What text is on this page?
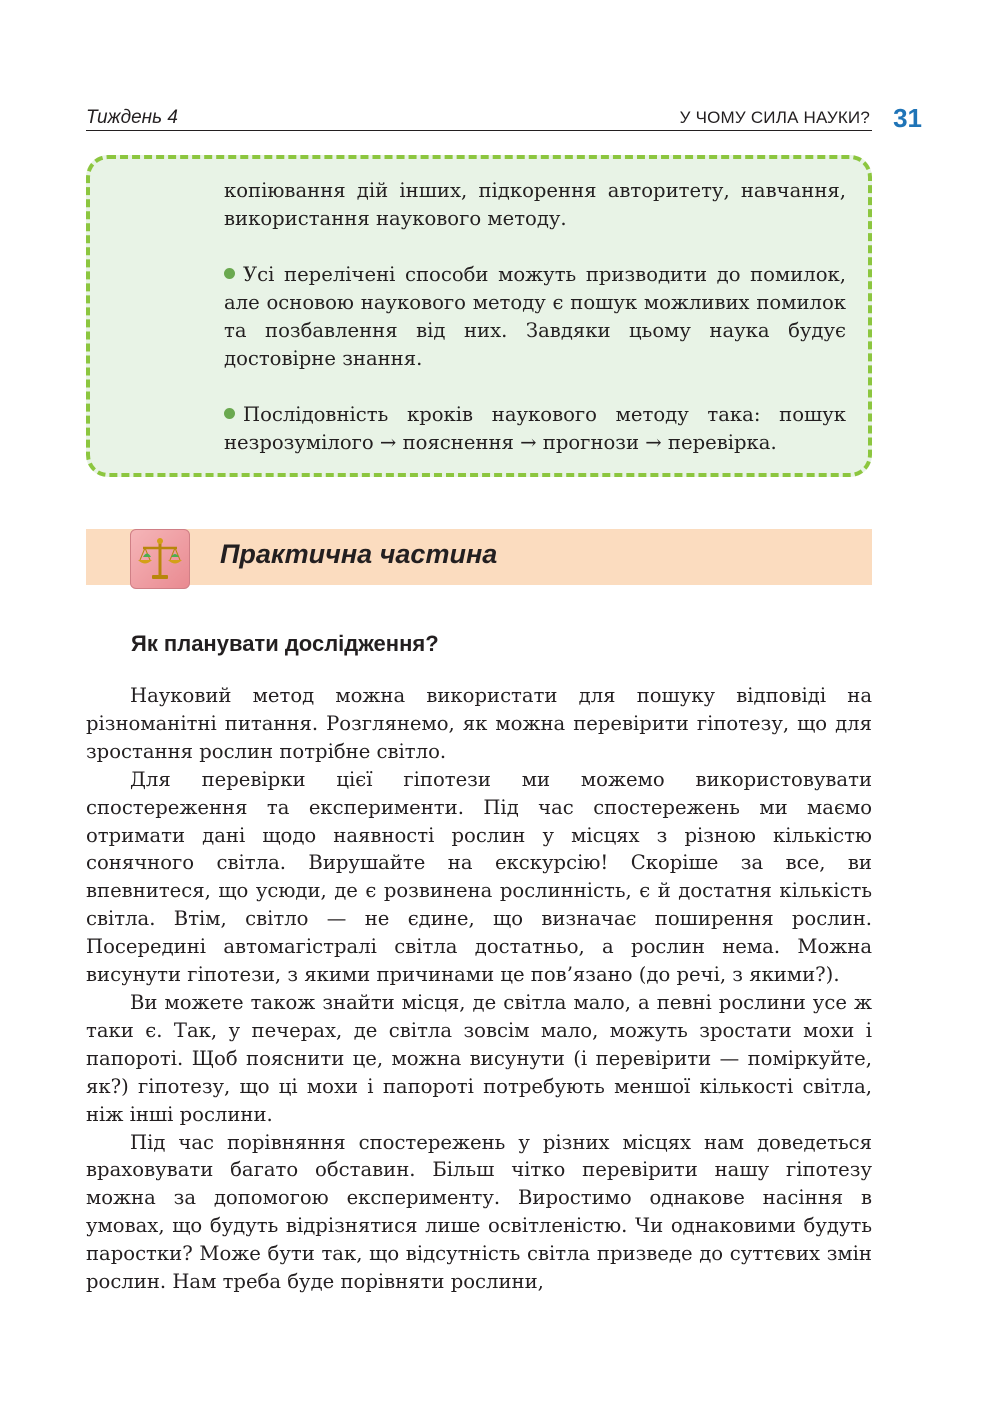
Тиждень 4	У ЧОМУ СИЛА НАУКИ? 31

копіювання дій інших, підкорення авторитету, навчання, використання наукового методу.

Усі перелічені способи можуть призводити до помилок, але основою наукового методу є пошук можливих помилок та позбавлення від них. Завдяки цьому наука будує достовірне знання.

Послідовність кроків наукового методу така: пошук незрозумілого → пояснення → прогнози → перевірка.

Практична частина
Як планувати дослідження?

Науковий метод можна використати для пошуку відповіді на різноманітні питання. Розглянемо, як можна перевірити гіпотезу, що для зростання рослин потрібне світло.

Для перевірки цієї гіпотези ми можемо використовувати спостереження та експерименти. Під час спостережень ми маємо отримати дані щодо наявності рослин у місцях з різною кількістю сонячного світла. Вирушайте на екскурсію! Скоріше за все, ви впевнитеся, що усюди, де є розвинена рослинність, є й достатня кількість світла. Втім, світло — не єдине, що визначає поширення рослин. Посередині автомагістралі світла достатньо, а рослин нема. Можна висунути гіпотези, з якими причинами це пов’язано (до речі, з якими?).

Ви можете також знайти місця, де світла мало, а певні рослини усе ж таки є. Так, у печерах, де світла зовсім мало, можуть зростати мохи і папороті. Щоб пояснити це, можна висунути (і перевірити — поміркуйте, як?) гіпотезу, що ці мохи і папороті потребують меншої кількості світла, ніж інші рослини.

Під час порівняння спостережень у різних місцях нам доведеться враховувати багато обставин. Більш чітко перевірити нашу гіпотезу можна за допомогою експерименту. Виростимо однакове насіння в умовах, що будуть відрізнятися лише освітленістю. Чи однаковими будуть паростки? Може бути так, що відсутність світла призведе до суттєвих змін рослин. Нам треба буде порівняти рослини,
